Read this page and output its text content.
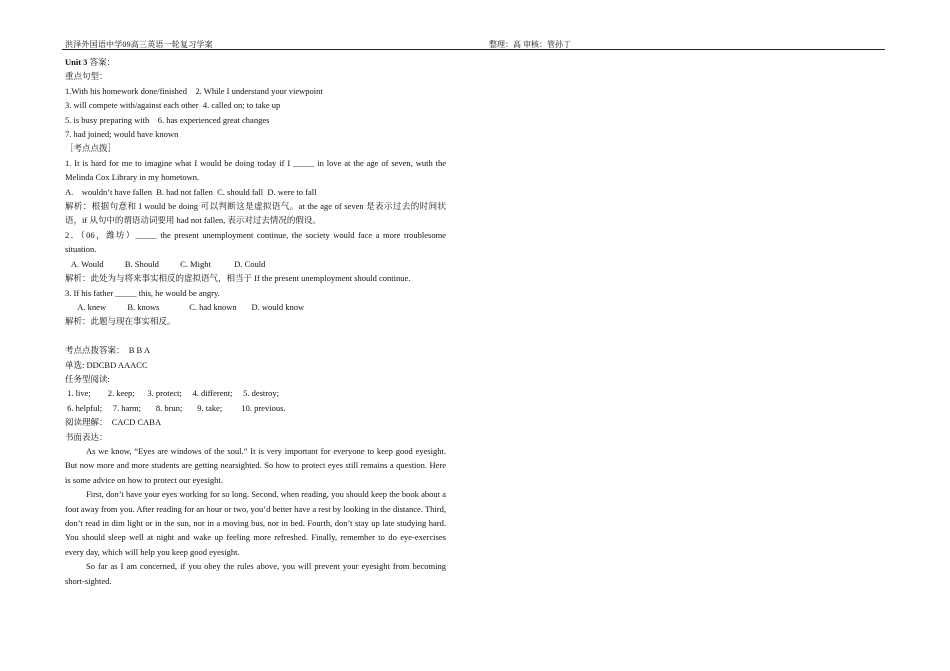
洪泽外国语中学09高三英语一轮复习学案	整理：高 审核：管孙丁
Unit 3 答案：
重点句型：
1.With his homework done/finished    2. While I understand your viewpoint
3. will compete with/against each other  4. called on; to take up
5. is busy preparing with    6. has experienced great changes
7. had joined; would have known
［考点点拨］
1. It is hard for me to imagine what I would be doing today if I _____ in love at the age of seven, wuth the Melinda Cox Library in my hometown.
A.    wouldn’t have fallen  B. had not fallen  C. should fall  D. were to fall
解析：根据句意和 I would be doing 可以判断这是虚拟语气。at the age of seven 是表示过去的时间状语，if 从句中的谓语动词要用 had not fallen, 表示对过去情况的假设。
2．（06，潍坊）_____ the present unemployment continue, the society would face a more troublesome situation.
A. Would          B. Should          C. Might           D. Could
解析：此处为与将来事实相反的虚拟语气，相当于 If the present unemployment should continue.
3. If his father _____ this, he would be angry.
A. knew          B. knows              C. had known       D. would know
解析：此题与现在事实相反。
考点点拨答案：  B B A
单选: DDCBD AAACC
任务型阅读:
1. live;        2. keep;      3. protect;     4. different;     5. destroy;
6. helpful;     7. harm;       8. brun;       9. take;         10. previous.
阅读理解：  CACD CABA
书面表达：
As we know, “Eyes are windows of the soul.” It is very important for everyone to keep good eyesight. But now more and more students are getting nearsighted. So how to protect eyes still remains a question. Here is some advice on how to protect our eyesight.
First, don’t have your eyes working for so long. Second, when reading, you should keep the book about a foot away from you. After reading for an hour or two, you’d better have a rest by looking in the distance. Third, don’t read in dim light or in the sun, nor in a moving bus, nor in bed. Fourth, don’t stay up late studying hard. You should sleep well at night and wake up feeling more refreshed. Finally, remember to do eye-exercises every day, which will help you keep good eyesight.
So far as I am concerned, if you obey the rules above, you will prevent your eyesight from becoming short-sighted.
